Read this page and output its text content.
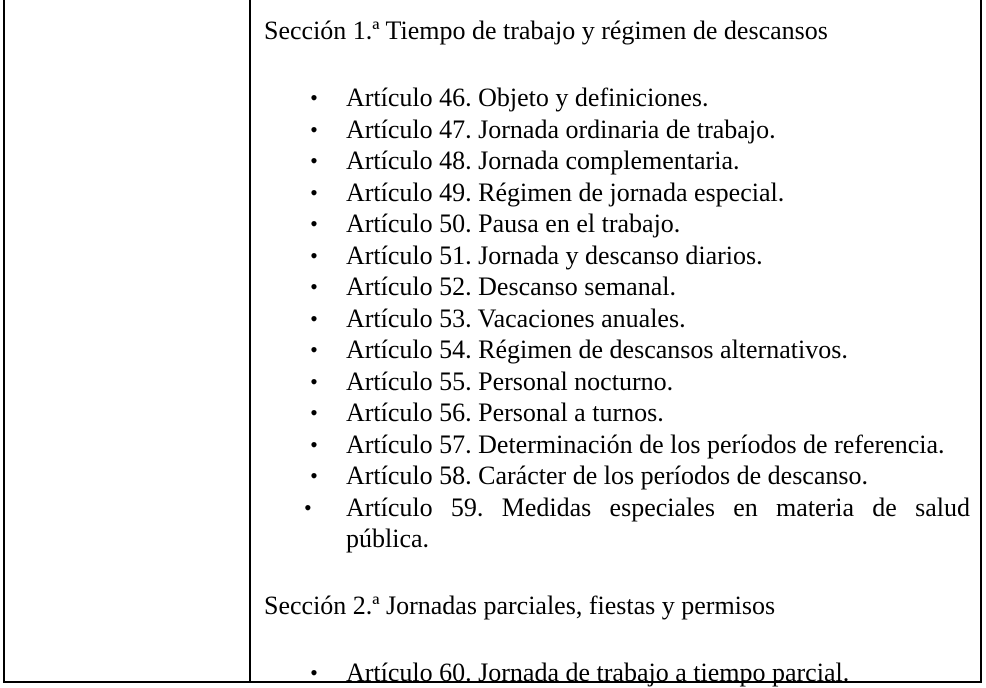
Sección 1.ª Tiempo de trabajo y régimen de descansos

• Artículo 46. Objeto y definiciones.
• Artículo 47. Jornada ordinaria de trabajo.
• Artículo 48. Jornada complementaria.
• Artículo 49. Régimen de jornada especial.
• Artículo 50. Pausa en el trabajo.
• Artículo 51. Jornada y descanso diarios.
• Artículo 52. Descanso semanal.
• Artículo 53. Vacaciones anuales.
• Artículo 54. Régimen de descansos alternativos.
• Artículo 55. Personal nocturno.
• Artículo 56. Personal a turnos.
• Artículo 57. Determinación de los períodos de referencia.
• Artículo 58. Carácter de los períodos de descanso.
•	Artículo 59. Medidas especiales en materia de salud pública.

Sección 2.ª Jornadas parciales, fiestas y permisos

• Artículo 60. Jornada de trabajo a tiempo parcial.
